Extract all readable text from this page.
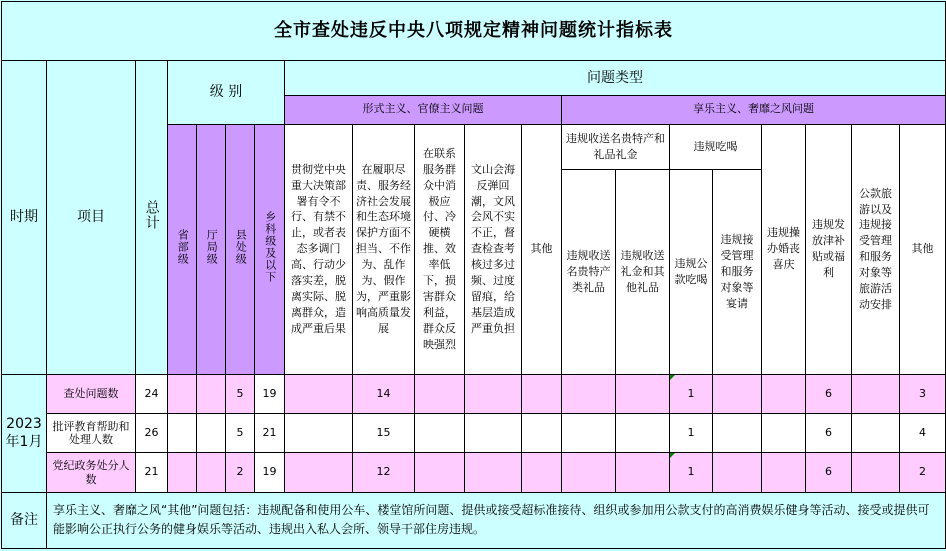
全市查处违反中央八项规定精神问题统计指标表																			
时期	项目	总计	级 别				问题类型												
							形式主义、官僚主义问题					享乐主义、奢靡之风问题							
			省部级	厅局级	县处级	乡科级及以下	贯彻党中央重大决策部署有令不行、有禁不止，或者表态多调门高、行动少落实差，脱离实际、脱离群众，造成严重后果	在履职尽责、服务经济社会发展和生态环境保护方面不担当、不作为、乱作为、假作为，严重影响高质量发展	在联系服务群众中消极应付、冷硬横推、效率低下，损害群众利益，群众反映强烈	文山会海反弹回潮，文风会风不实不正，督查检查考核过多过频、过度留痕，给基层造成严重负担	其他	违规收送名贵特产和礼品礼金		违规吃喝		违规操办婚丧喜庆	违规发放津补贴或福利	公款旅游以及违规接受管理和服务对象等旅游活动安排	其他
												违规收送名贵特产类礼品	违规收送礼金和其他礼品	违规公款吃喝	违规接受管理和服务对象等宴请				

2023年1月	查处问题数	24			5	19		14						1			6		3
	批评教育帮助和处理人数	26			5	21		15						1			6		4
	党纪政务处分人数	21			2	19		12						1			6		2
备注	享乐主义、奢靡之风“其他”问题包括：违规配备和使用公车、楼堂馆所问题、提供或接受超标准接待、组织或参加用公款支付的高消费娱乐健身等活动、接受或提供可能影响公正执行公务的健身娱乐等活动、违规出入私人会所、领导干部住房违规。																		
